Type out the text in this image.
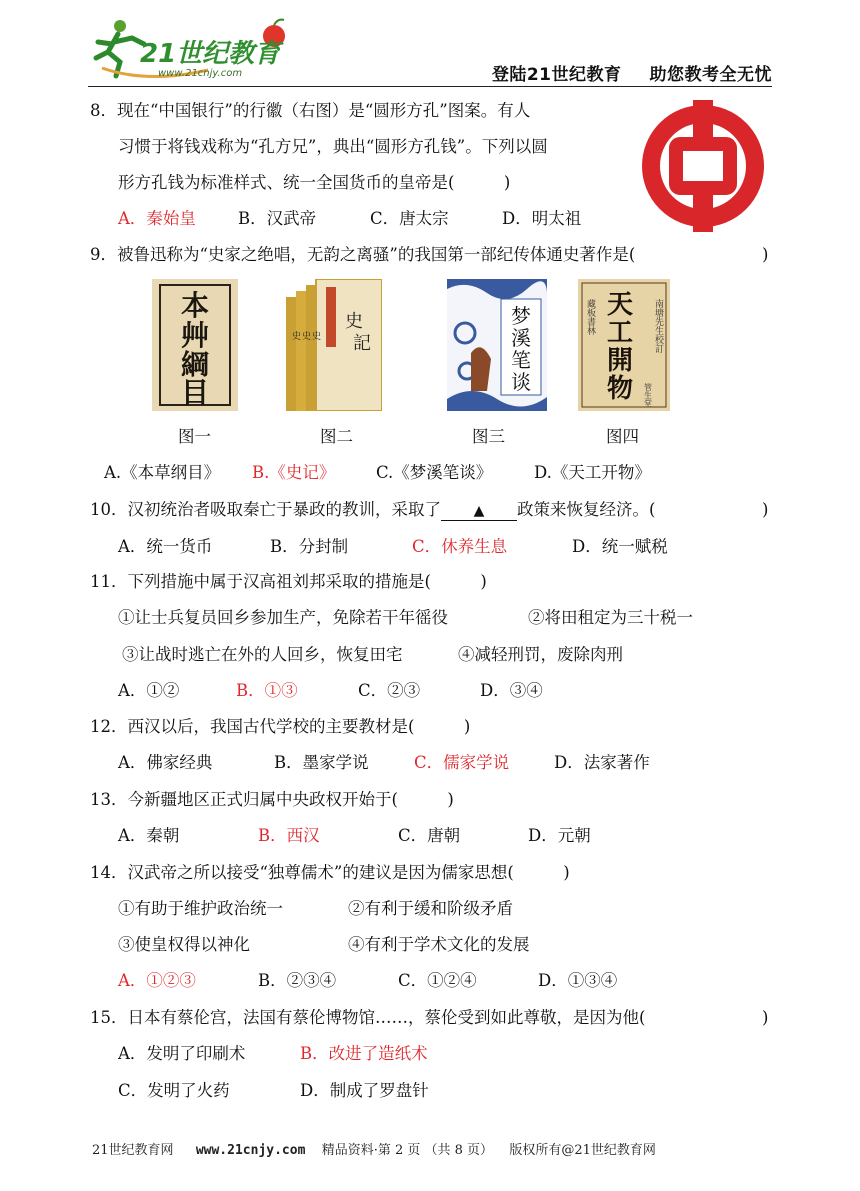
21世纪教育
www.21cnjy.com	登陆21世纪教育 助您教考全无忧
8．现在“中国银行”的行徽（右图）是“圆形方孔”图案。有人
习惯于将钱戏称为“孔方兄”，典出“圆形方孔钱”。下列以圆
形方孔钱为标准样式、统一全国货币的皇帝是(　　　)
A．秦始皇	B．汉武帝	C．唐太宗	D．明太祖
9．被鲁迅称为“史家之绝唱，无韵之离骚”的我国第一部纪传体通史著作是(	)
本
艸
綱
目
史
記
史 史 史
梦
溪
笔
谈
天
工
開
物
藏板書林	南塘先生校訂
管生堂
图一	图二	图三	图四
A.《本草纲目》 B.《史记》 C.《梦溪笔谈》	D.《天工开物》
10．汉初统治者吸取秦亡于暴政的教训，采取了 ▲ 政策来恢复经济。(	)
A．统一货币	B．分封制	C．休养生息	D．统一赋税
11．下列措施中属于汉高祖刘邦采取的措施是(　　　)
①让士兵复员回乡参加生产，免除若干年徭役	②将田租定为三十税一
③让战时逃亡在外的人回乡，恢复田宅	④减轻刑罚，废除肉刑
A．①②	B．①③	C．②③	D．③④
12．西汉以后，我国古代学校的主要教材是(　　　)
A．佛家经典	B．墨家学说	C．儒家学说	D．法家著作
13．今新疆地区正式归属中央政权开始于(　　　)
A．秦朝	B．西汉	C．唐朝	D．元朝
14．汉武帝之所以接受“独尊儒术”的建议是因为儒家思想(　　　)
①有助于维护政治统一	②有利于缓和阶级矛盾
③使皇权得以神化	④有利于学术文化的发展
A．①②③	B．②③④	C．①②④	D．①③④
15．日本有蔡伦宫，法国有蔡伦博物馆……，蔡伦受到如此尊敬，是因为他(	)
A．发明了印刷术	B．改进了造纸术
C．发明了火药	D．制成了罗盘针
21世纪教育网 www.21cnjy.com 精品资料·第 2 页 （共 8 页） 版权所有@21世纪教育网
